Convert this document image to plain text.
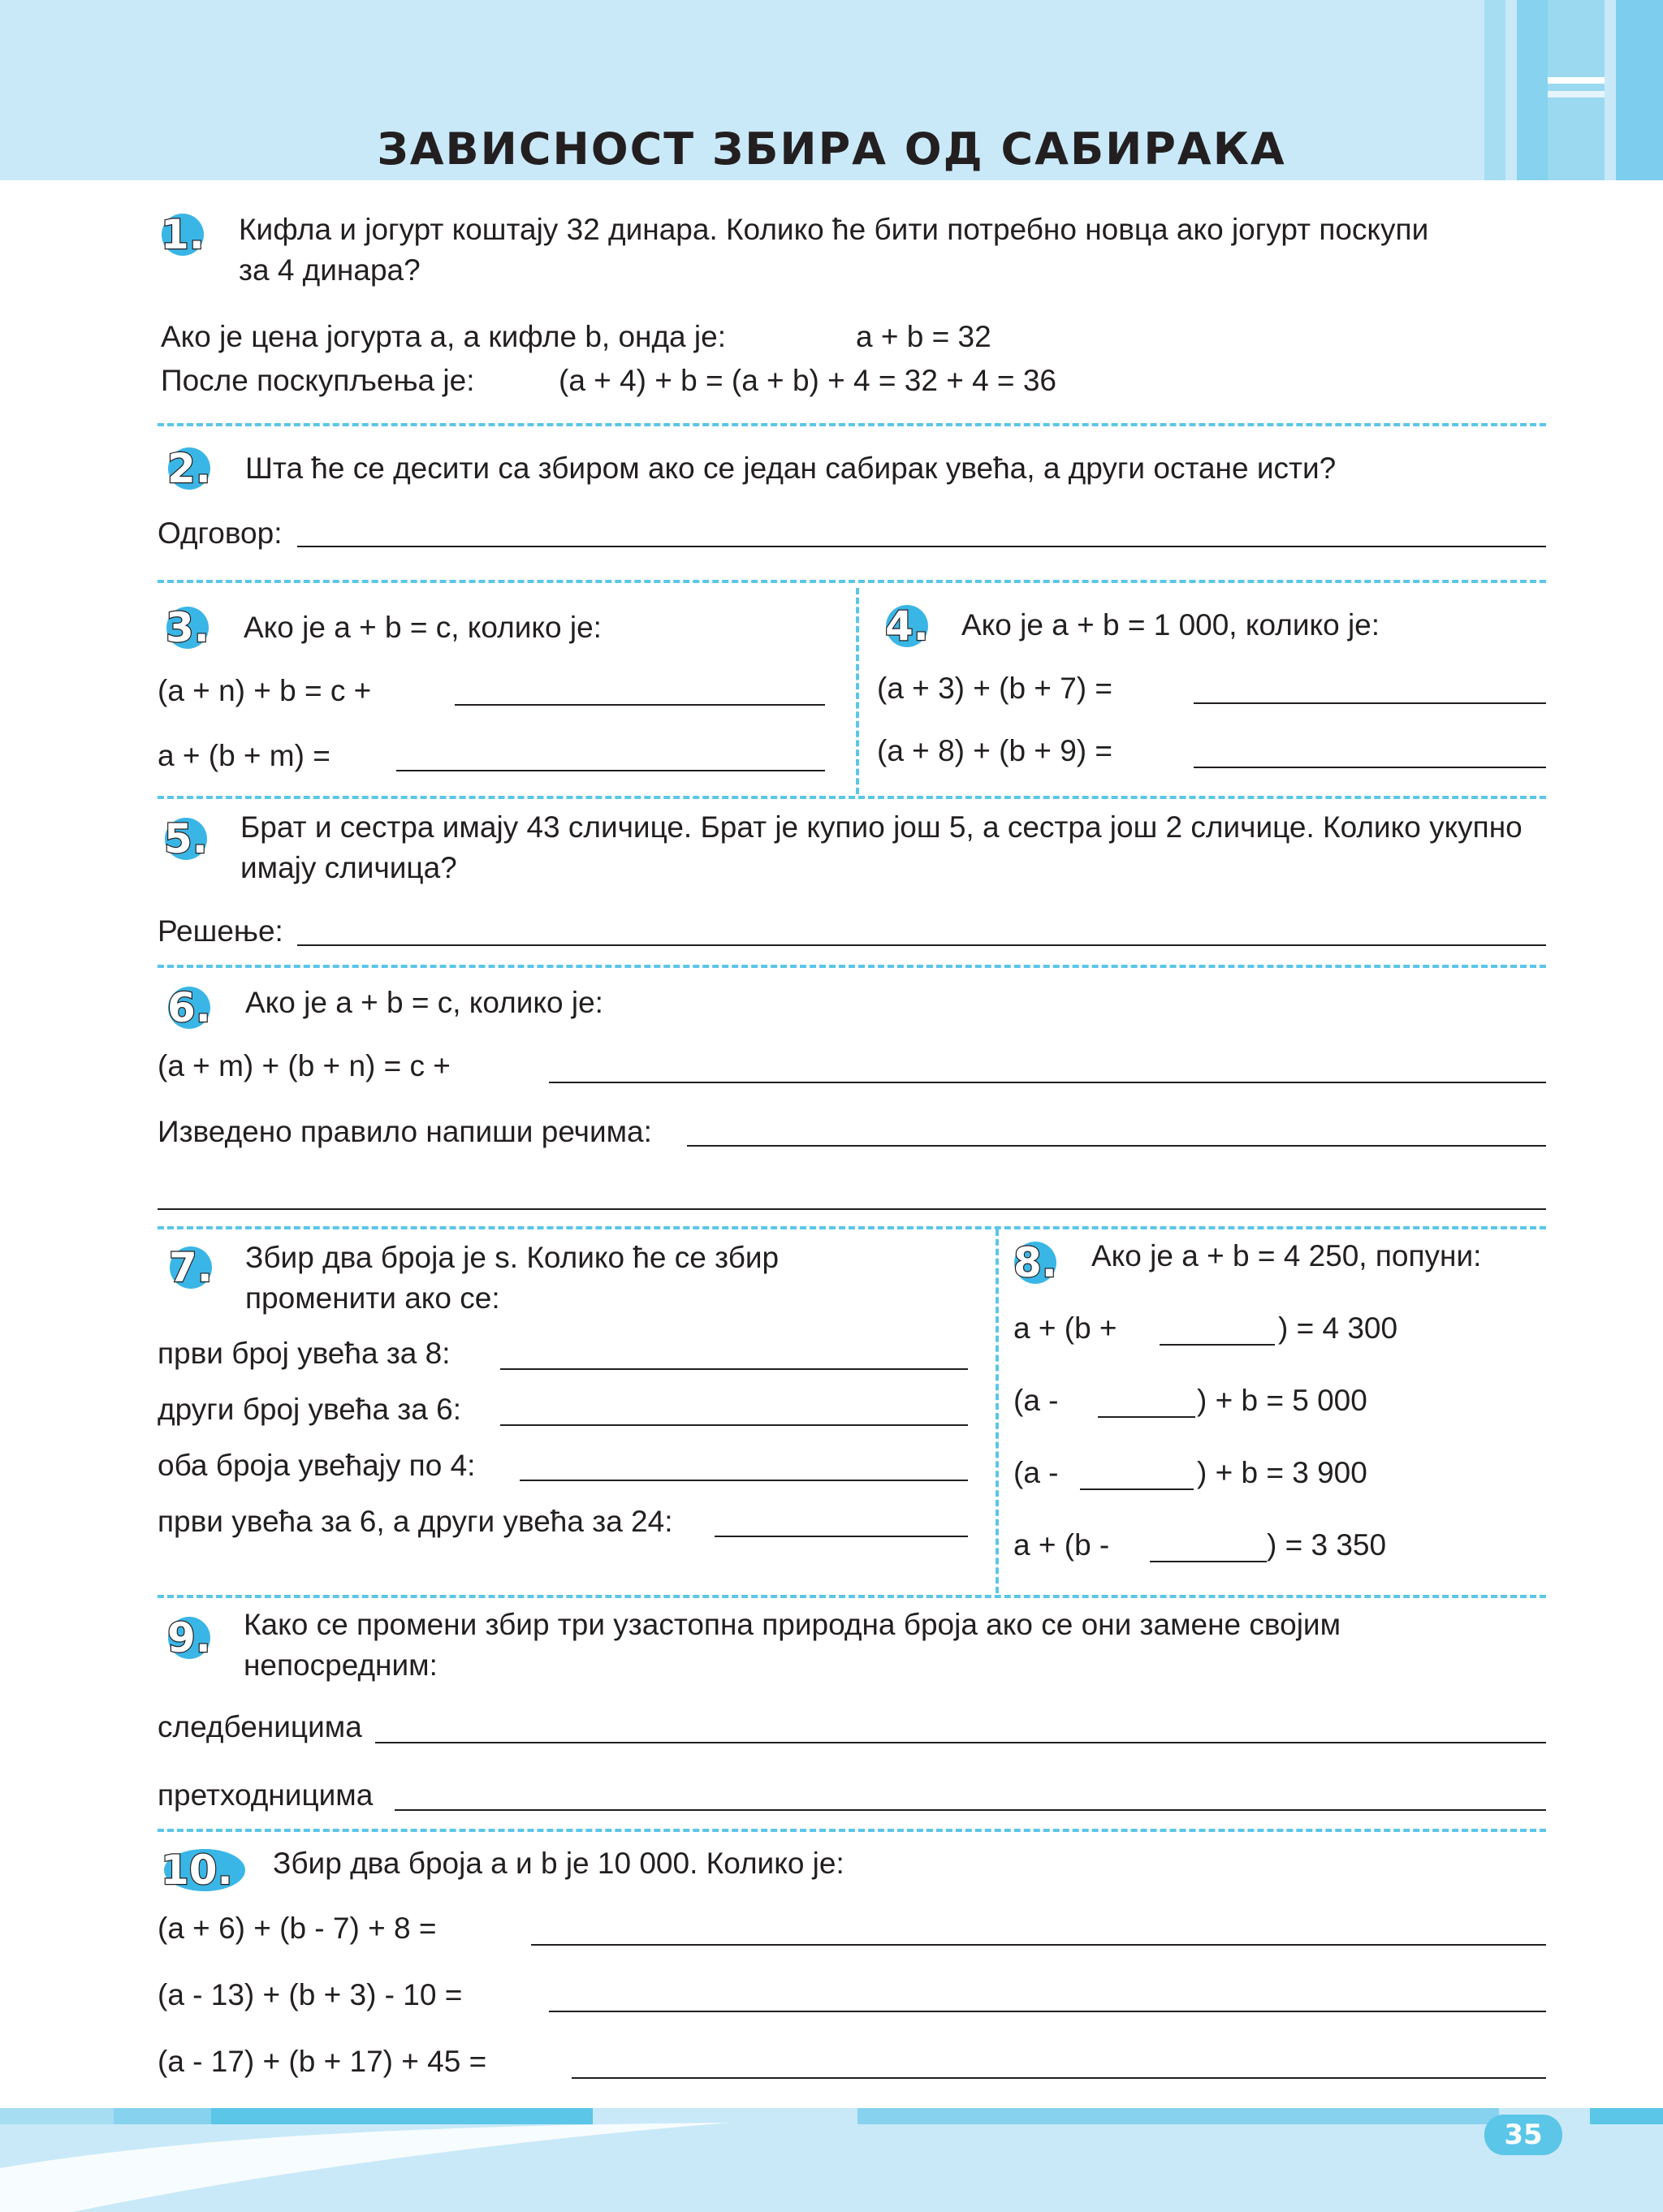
ЗАВИСНОСТ ЗБИРА ОД САБИРАКА
1. Кифла и јогурт коштају 32 динара. Колико ће бити потребно новца ако јогурт поскупи за 4 динара?
Ако је цена јогурта a, а кифле b, онда је:	a + b = 32
После поскупљења је:	(a + 4) + b = (a + b) + 4 = 32 + 4 = 36
2. Шта ће се десити са збиром ако се један сабирак увећа, а други остане исти?
Одговор:
3. Ако је a + b = c, колико је:
(a + n) + b = c +
a + (b + m) =
4. Ако је a + b = 1 000, колико је:
(a + 3) + (b + 7) =
(a + 8) + (b + 9) =
5. Брат и сестра имају 43 сличице. Брат је купио још 5, а сестра још 2 сличице. Колико укупно имају сличица?
Решење:
6. Ако је a + b = c, колико је:
(a + m) + (b + n) = c +
Изведено правило напиши речима:
7. Збир два броја је s. Колико ће се збир променити ако се:
први број увећа за 8:
други број увећа за 6:
оба броја увећају по 4:
први увећа за 6, а други увећа за 24:
8. Ако је a + b = 4 250, попуни:
a + (b +	) = 4 300
(a -	) + b = 5 000
(a -	) + b = 3 900
a + (b -	) = 3 350
9. Како се промени збир три узастопна природна броја ако се они замене својим непосредним:
следбеницима
претходницима
10. Збир два броја a и b је 10 000. Колико је:
(a + 6) + (b - 7) + 8 =
(a - 13) + (b + 3) - 10 =
(a - 17) + (b + 17) + 45 =
35
